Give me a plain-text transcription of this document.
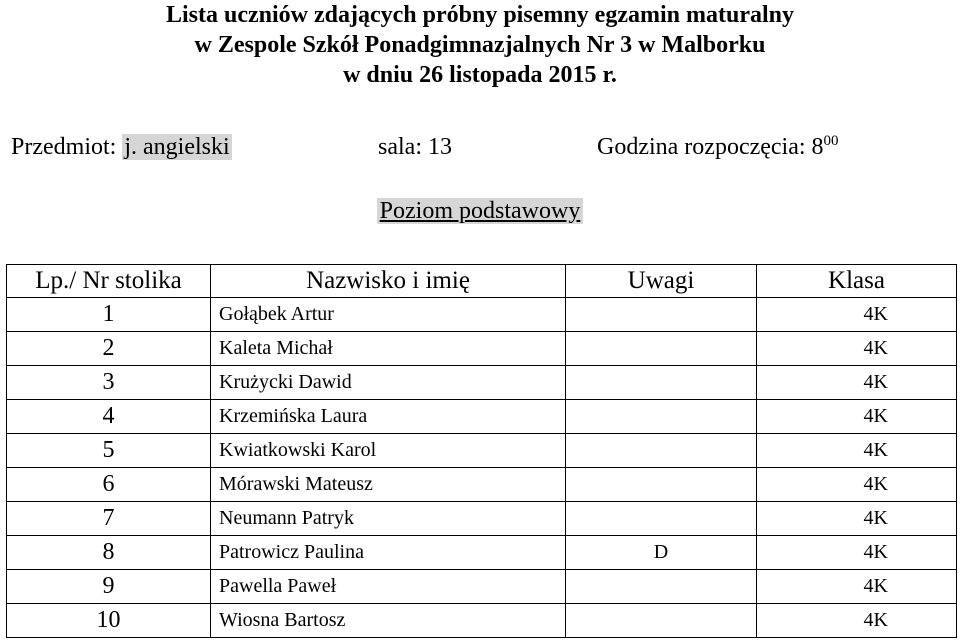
Lista uczniów zdających próbny pisemny egzamin maturalny
w Zespole Szkół Ponadgimnazjalnych Nr 3 w Malborku
w dniu 26 listopada 2015 r.
Przedmiot: j. angielski	sala: 13	Godzina rozpoczęcia: $8^{00}$
Poziom podstawowy
Lp./ Nr stolika	Nazwisko i imię	Uwagi	Klasa
1	Gołąbek Artur		4K
2	Kaleta Michał		4K
3	Krużycki Dawid		4K
4	Krzemińska Laura		4K
5	Kwiatkowski Karol		4K
6	Mórawski Mateusz		4K
7	Neumann Patryk		4K
8	Patrowicz Paulina	D	4K
9	Pawella Paweł		4K
10	Wiosna Bartosz		4K
